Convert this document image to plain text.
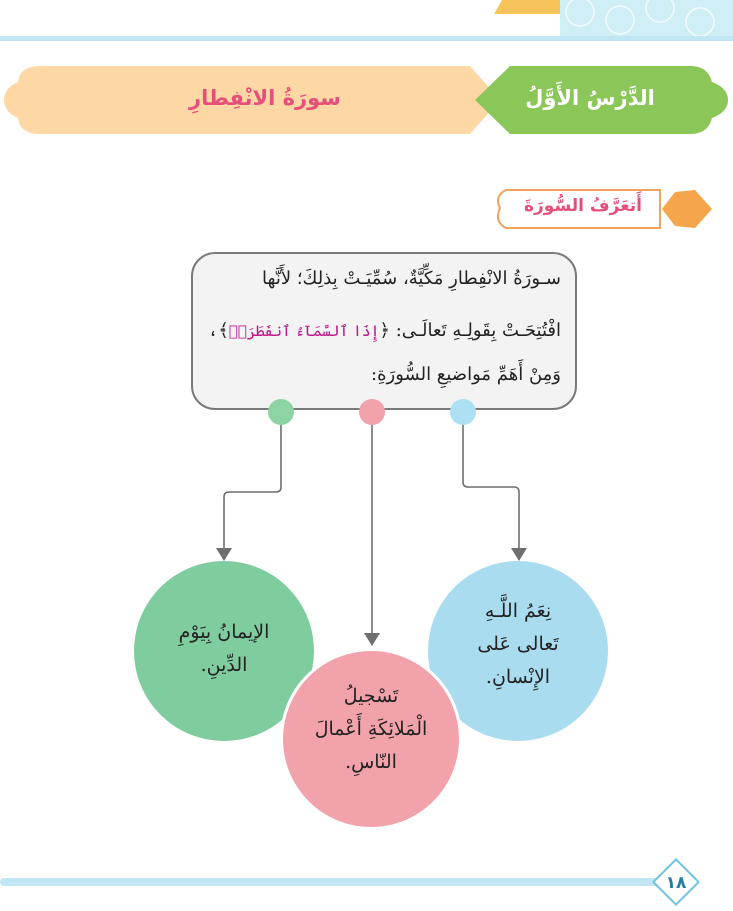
الدَّرْسُ الأَوَّلُ
سورَةُ الانْفِطارِ
أَتعَرَّفُ السُّورَةَ
سـورَةُ الانْفِطارِ مَكِّيَّةٌ، سُمِّيَـتْ بِذلِكَ؛ لأَنَّها
افْتُتِحَـتْ بِقَولِـهِ تَعالَـى: ﴿إِذَا ٱلسَّمَآءُ ٱنفَطَرَتۡ﴾،
وَمِنْ أَهَمِّ مَواضيعِ السُّورَةِ:
نِعَمُ اللَّـهِ
تَعالى عَلى
الإِنْسانِ.
تَسْجيلُ
الْمَلائِكَةِ أَعْمالَ
النّاسِ.
الإيمانُ بِيَوْمِ
الدِّينِ.
١٨
